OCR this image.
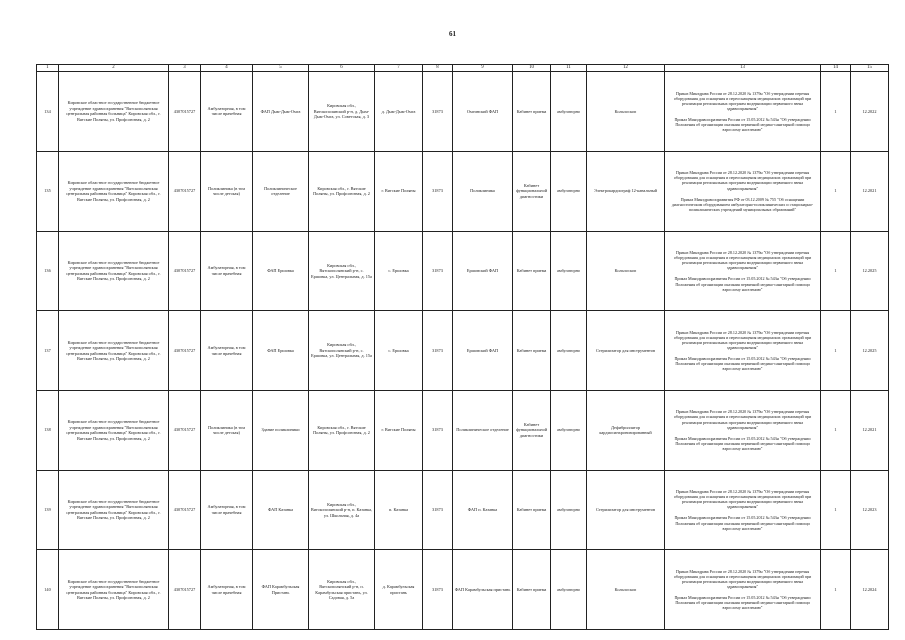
61
1	2	3	4	5	6	7	8	9	10	11	12	13	14	15
134	Кировское областное государственное бюджетное учреждение здравоохранения "Вятскополянская центральная районная больница" Кировская обл., г. Вятские Поляны, ул. Профсоюзная, д. 2	4307015727	Амбулаторная, в том числе врачебная	ФАП Дым-Дым-Омга	Кировская обл., Вятскополянский р-н, д. Дым-Дым-Омга, ул. Советская, д. 3	д. Дым-Дым-Омга	31873	Омгинский ФАП	Кабинет приема	амбулаторно	Кольпоскоп	Приказ Минздрава России от 28.12.2020 № 1379н "Об утверждении перечня оборудования для оснащения и переоснащения медицинских организаций при реализации региональных программ модернизации первичного звена здравоохранения"
Приказ Минздравсоцразвития России от 15.05.2012 № 543н "Об утверждении Положения об организации оказания первичной медико-санитарной помощи взрослому населению"	1	12.2022
135	Кировское областное государственное бюджетное учреждение здравоохранения "Вятскополянская центральная районная больница" Кировская обл., г. Вятские Поляны, ул. Профсоюзная, д. 2	4307015727	Поликлиника (в том числе детская)	Поликлиническое отделение	Кировская обл., г. Вятские Поляны, ул. Профсоюзная, д. 2	г. Вятские Поляны	31873	Поликлиника	Кабинет функциональной диагностики	амбулаторно	Электрокардиограф 12-канальный	Приказ Минздрава России от 28.12.2020 № 1379н "Об утверждении перечня оборудования для оснащения и переоснащения медицинских организаций при реализации региональных программ модернизации первичного звена здравоохранения"
Приказ Минздравсоцразвития РФ от 03.12.2009 № 755 "Об оснащении диагностическим оборудованием амбулаторно-поликлинических и стационарно-поликлинических учреждений муниципальных образований"	1	12.2021
136	Кировское областное государственное бюджетное учреждение здравоохранения "Вятскополянская центральная районная больница" Кировская обл., г. Вятские Поляны, ул. Профсоюзная, д. 2	4307015727	Амбулаторная, в том числе врачебная	ФАП Ершовка	Кировская обл., Вятскополянский р-н, с. Ершовка, ул. Центральная, д. 15а	с. Ершовка	31873	Ершовский ФАП	Кабинет приема	амбулаторно	Кольпоскоп	Приказ Минздрава России от 28.12.2020 № 1379н "Об утверждении перечня оборудования для оснащения и переоснащения медицинских организаций при реализации региональных программ модернизации первичного звена здравоохранения"
Приказ Минздравсоцразвития России от 15.05.2012 № 543н "Об утверждении Положения об организации оказания первичной медико-санитарной помощи взрослому населению"	1	12.2025
137	Кировское областное государственное бюджетное учреждение здравоохранения "Вятскополянская центральная районная больница" Кировская обл., г. Вятские Поляны, ул. Профсоюзная, д. 2	4307015727	Амбулаторная, в том числе врачебная	ФАП Ершовка	Кировская обл., Вятскополянский р-н, с. Ершовка, ул. Центральная, д. 15а	с. Ершовка	31873	Ершовский ФАП	Кабинет приема	амбулаторно	Стерилизатор для инструментов	Приказ Минздрава России от 28.12.2020 № 1379н "Об утверждении перечня оборудования для оснащения и переоснащения медицинских организаций при реализации региональных программ модернизации первичного звена здравоохранения"
Приказ Минздравсоцразвития России от 15.05.2012 № 543н "Об утверждении Положения об организации оказания первичной медико-санитарной помощи взрослому населению"	1	12.2025
138	Кировское областное государственное бюджетное учреждение здравоохранения "Вятскополянская центральная районная больница" Кировская обл., г. Вятские Поляны, ул. Профсоюзная, д. 2	4307015727	Поликлиника (в том числе детская)	Здание поликлиники	Кировская обл., г. Вятские Поляны, ул. Профсоюзная, д. 2	г. Вятские Поляны	31873	Поликлиническое отделение	Кабинет функциональной диагностики	амбулаторно	Дефибриллятор кардиосинхронизированный	Приказ Минздрава России от 28.12.2020 № 1379н "Об утверждении перечня оборудования для оснащения и переоснащения медицинских организаций при реализации региональных программ модернизации первичного звена здравоохранения"
Приказ Минздравсоцразвития России от 15.05.2012 № 543н "Об утверждении Положения об организации оказания первичной медико-санитарной помощи взрослому населению"	1	12.2021
139	Кировское областное государственное бюджетное учреждение здравоохранения "Вятскополянская центральная районная больница" Кировская обл., г. Вятские Поляны, ул. Профсоюзная, д. 2	4307015727	Амбулаторная, в том числе врачебная	ФАП Казанка	Кировская обл., Вятскополянский р-н, п. Казанка, ул. Школьная, д. 4а	п. Казанка	31873	ФАП п. Казанка	Кабинет приема	амбулаторно	Стерилизатор для инструментов	Приказ Минздрава России от 28.12.2020 № 1379н "Об утверждении перечня оборудования для оснащения и переоснащения медицинских организаций при реализации региональных программ модернизации первичного звена здравоохранения"
Приказ Минздравсоцразвития России от 15.05.2012 № 543н "Об утверждении Положения об организации оказания первичной медико-санитарной помощи взрослому населению"	1	12.2023
140	Кировское областное государственное бюджетное учреждение здравоохранения "Вятскополянская центральная районная больница" Кировская обл., г. Вятские Поляны, ул. Профсоюзная, д. 2	4307015727	Амбулаторная, в том числе врачебная	ФАП Карамбульская Пристань	Кировская обл., Вятскополянский р-н, п. Карамбульская пристань, ул. Садовая, д. 5а	д. Карамбульская пристань	31873	ФАП Карамбульская пристань	Кабинет приема	амбулаторно	Кольпоскоп	Приказ Минздрава России от 28.12.2020 № 1379н "Об утверждении перечня оборудования для оснащения и переоснащения медицинских организаций при реализации региональных программ модернизации первичного звена здравоохранения"
Приказ Минздравсоцразвития России от 15.05.2012 № 543н "Об утверждении Положения об организации оказания первичной медико-санитарной помощи взрослому населению"	1	12.2024
